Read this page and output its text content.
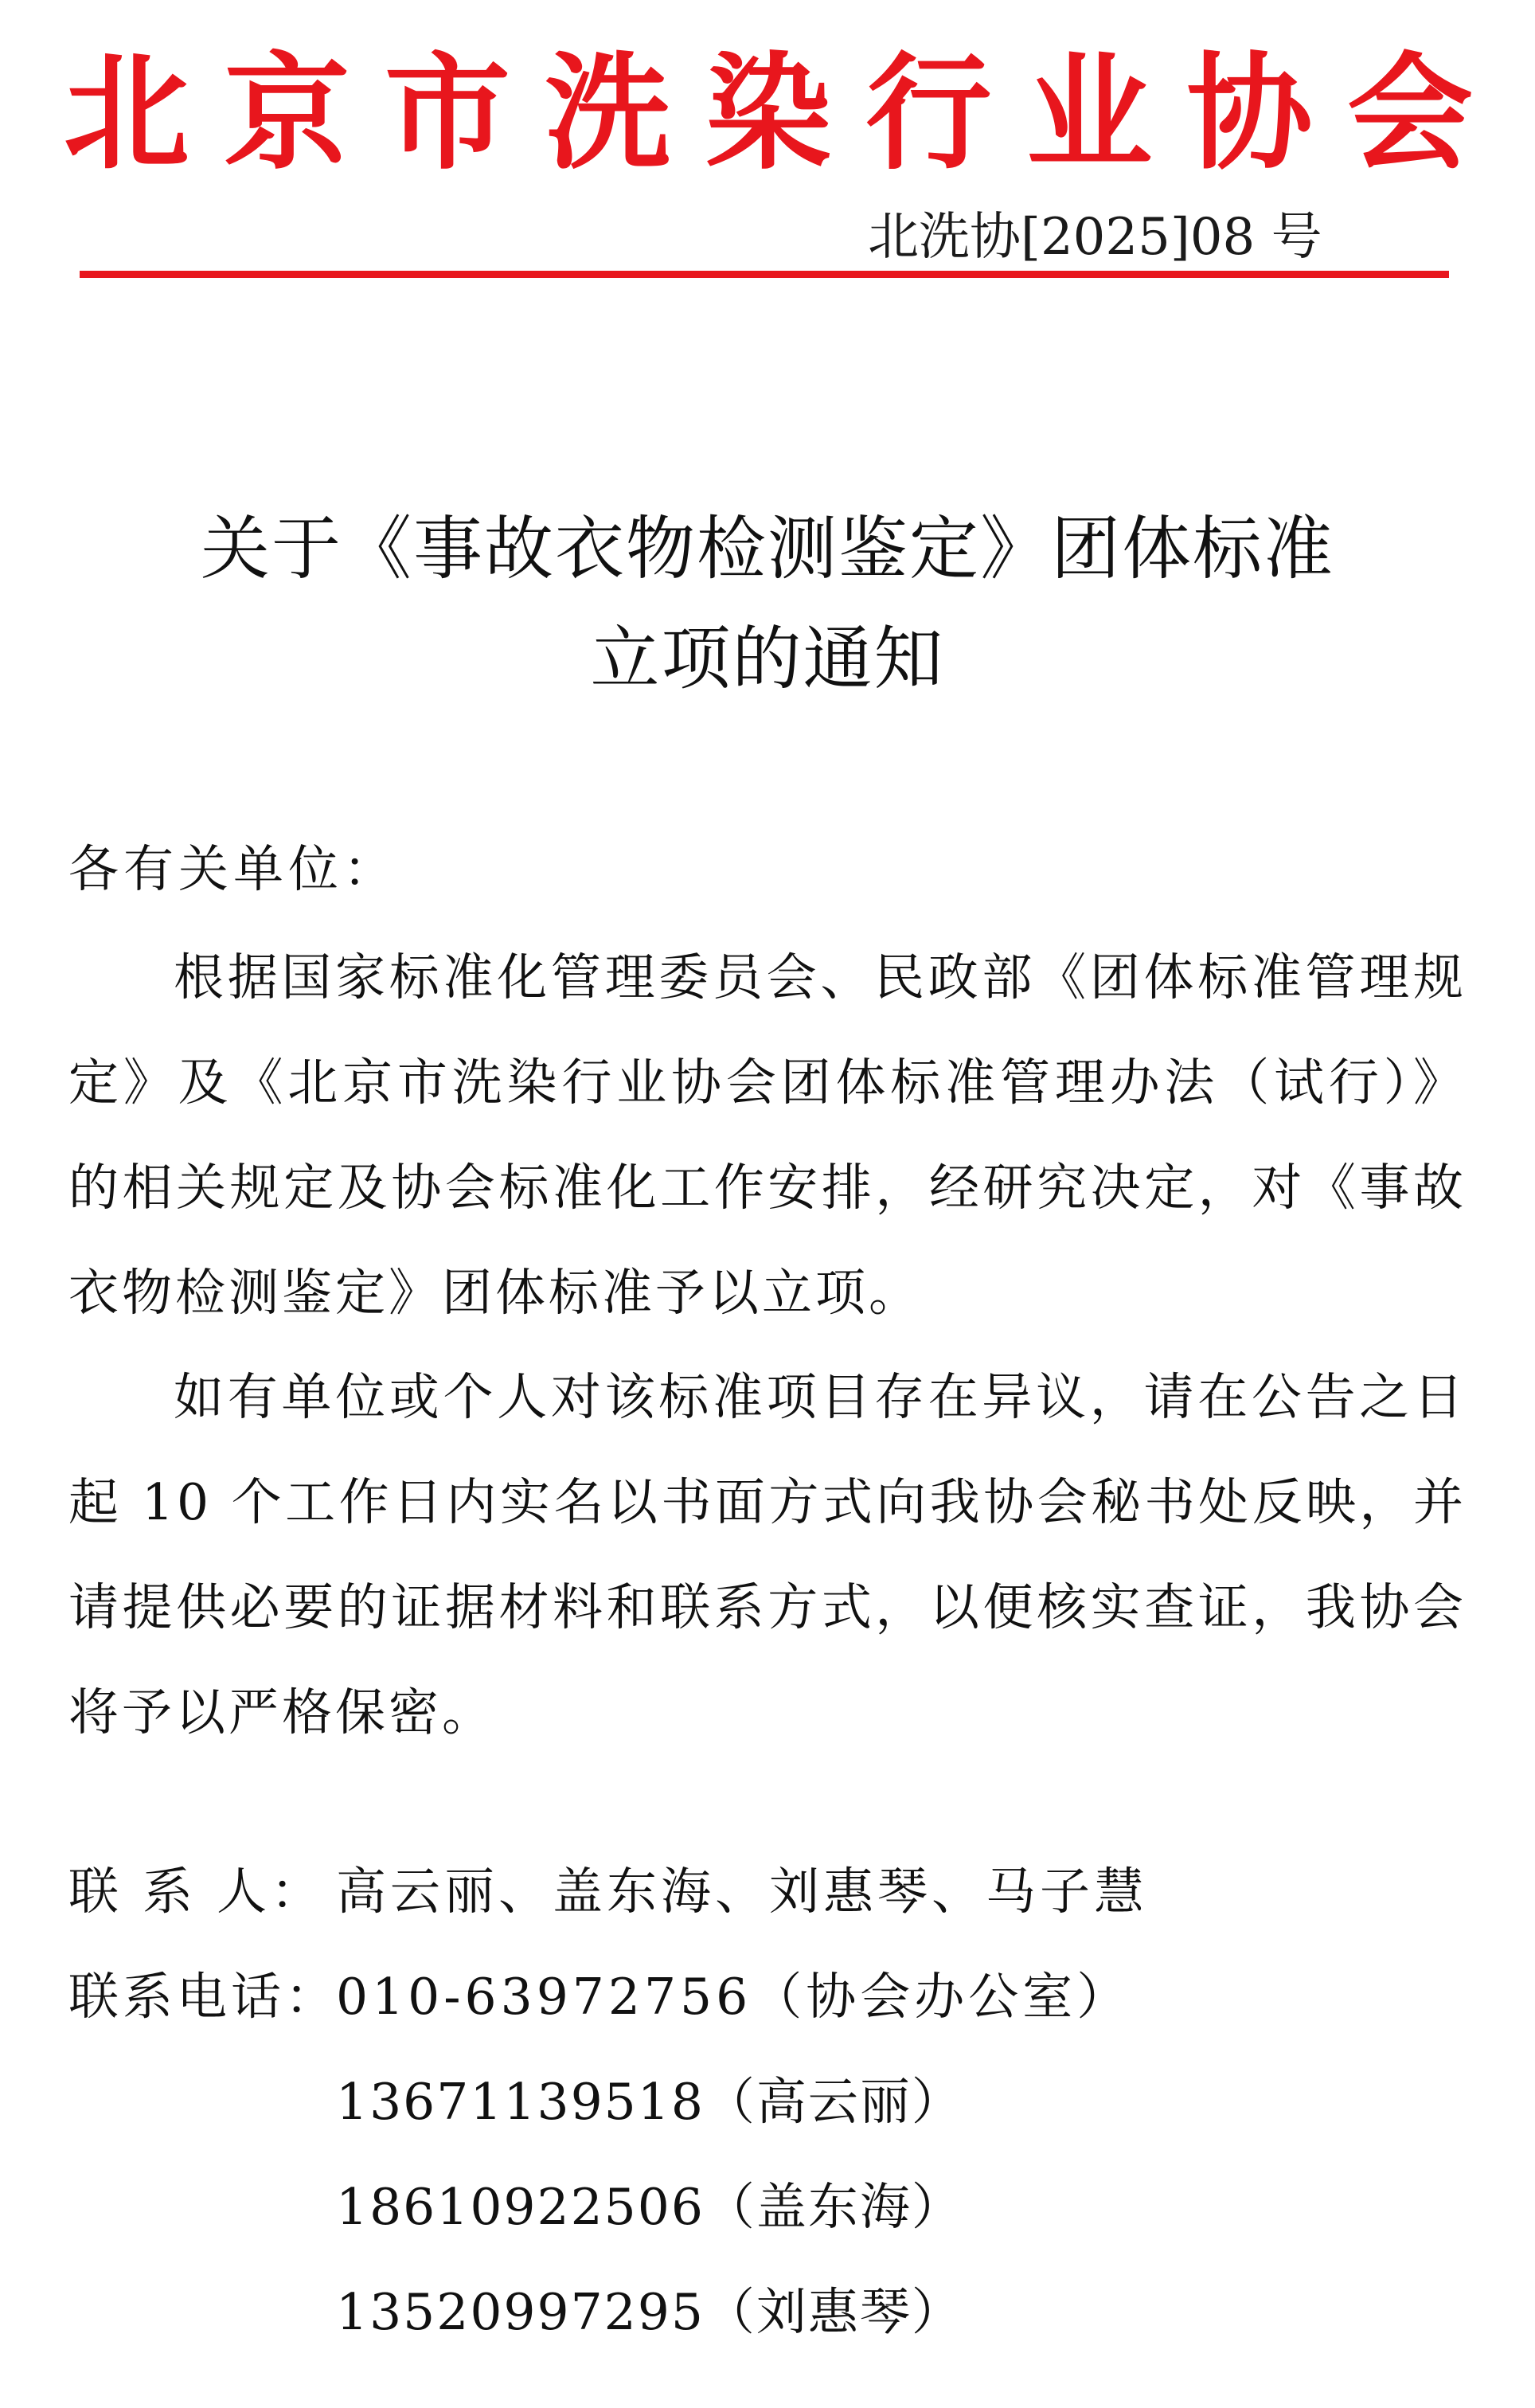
北 京 市 洗 染 行 业 协 会
北洗协[2025]08 号
关于《事故衣物检测鉴定》团体标准
立项的通知
各有关单位：

根据国家标准化管理委员会、民政部《团体标准管理规定》及《北京市洗染行业协会团体标准管理办法（试行）》的相关规定及协会标准化工作安排，经研究决定，对《事故衣物检测鉴定》团体标准予以立项。

如有单位或个人对该标准项目存在异议，请在公告之日起 10 个工作日内实名以书面方式向我协会秘书处反映，并请提供必要的证据材料和联系方式，以便核实查证，我协会将予以严格保密。

联 系 人： 高云丽、盖东海、刘惠琴、马子慧
联系电话：010-63972756（协会办公室）
13671139518（高云丽）
18610922506（盖东海）
13520997295（刘惠琴）
